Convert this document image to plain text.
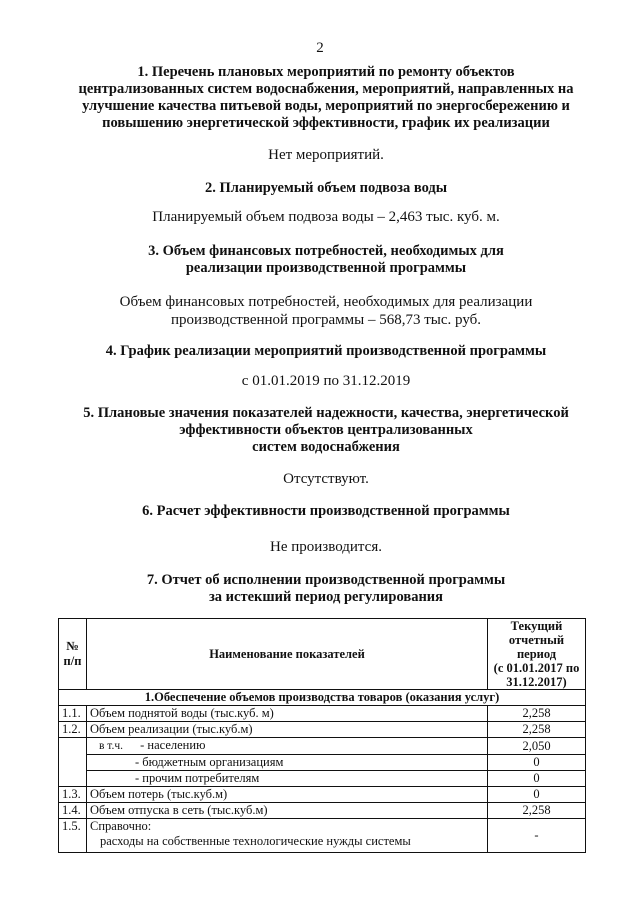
2
1. Перечень плановых мероприятий по ремонту объектов
централизованных систем водоснабжения, мероприятий, направленных на
улучшение качества питьевой воды, мероприятий по энергосбережению и
повышению энергетической эффективности, график их реализации
Нет мероприятий.
2. Планируемый объем подвоза воды
Планируемый объем подвоза воды – 2,463 тыс. куб. м.
3. Объем финансовых потребностей, необходимых для
реализации производственной программы
Объем финансовых потребностей, необходимых для реализации
производственной программы – 568,73 тыс. руб.
4. График реализации мероприятий производственной программы
с 01.01.2019 по 31.12.2019
5. Плановые значения показателей надежности, качества, энергетической
эффективности объектов централизованных
систем водоснабжения
Отсутствуют.
6. Расчет эффективности производственной программы
Не производится.
7. Отчет об исполнении производственной программы
за истекший период регулирования
№
п/п	Наименование показателей	Текущий
отчетный период
(с 01.01.2017 по
31.12.2017)
1.Обеспечение объемов производства товаров (оказания услуг)		
1.1.	Объем поднятой воды (тыс.куб. м)	2,258
1.2.	Объем реализации (тыс.куб.м)	2,258
	в т.ч. - населению	2,050
	- бюджетным организациям	0
	- прочим потребителям	0
1.3.	Объем потерь (тыс.куб.м)	0
1.4.	Объем отпуска в сеть (тыс.куб.м)	2,258
1.5.	Справочно:
расходы на собственные технологические нужды системы	-
